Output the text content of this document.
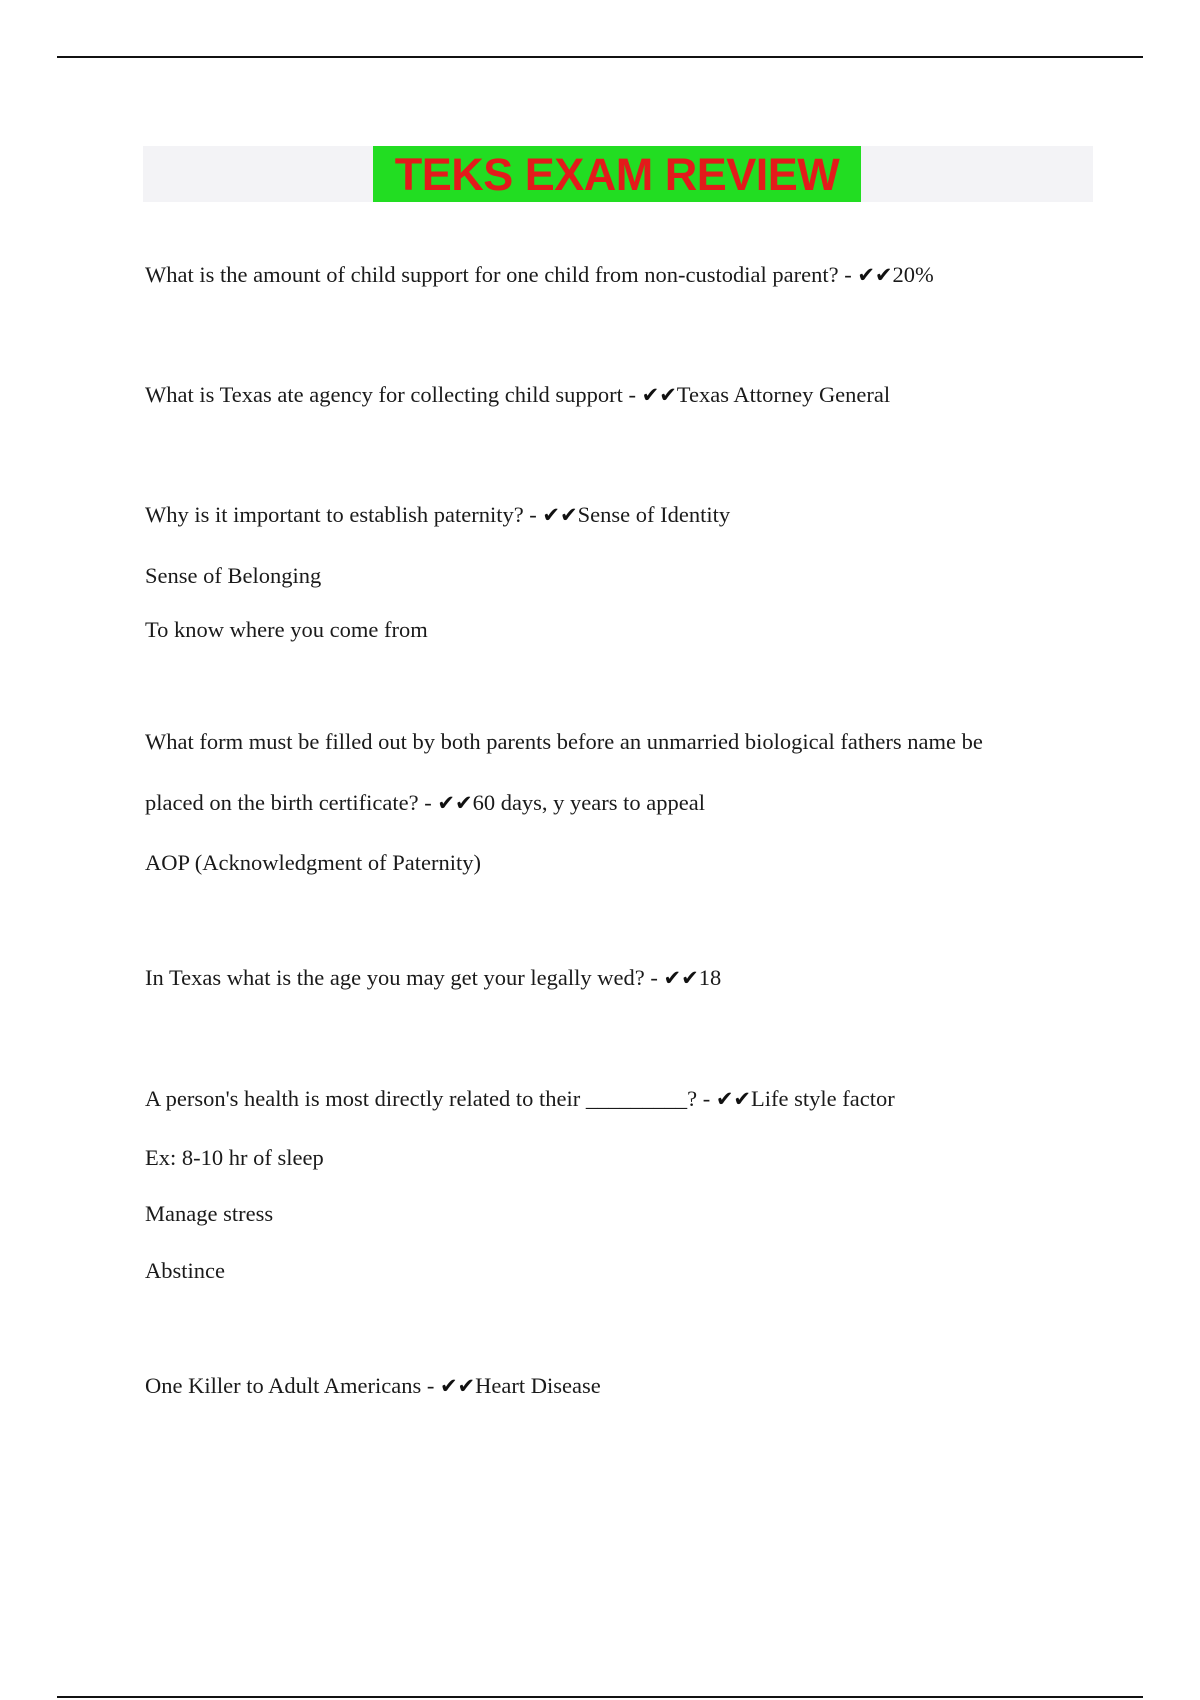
TEKS EXAM REVIEW
What is the amount of child support for one child from non-custodial parent? - ✔✔20%
What is Texas ate agency for collecting child support - ✔✔Texas Attorney General
Why is it important to establish paternity? - ✔✔Sense of Identity
Sense of Belonging
To know where you come from
What form must be filled out by both parents before an unmarried biological fathers name be
placed on the birth certificate? - ✔✔60 days, y years to appeal
AOP (Acknowledgment of Paternity)
In Texas what is the age you may get your legally wed? - ✔✔18
A person's health is most directly related to their _________? - ✔✔Life style factor
Ex: 8-10 hr of sleep
Manage stress
Abstince
One Killer to Adult Americans - ✔✔Heart Disease
